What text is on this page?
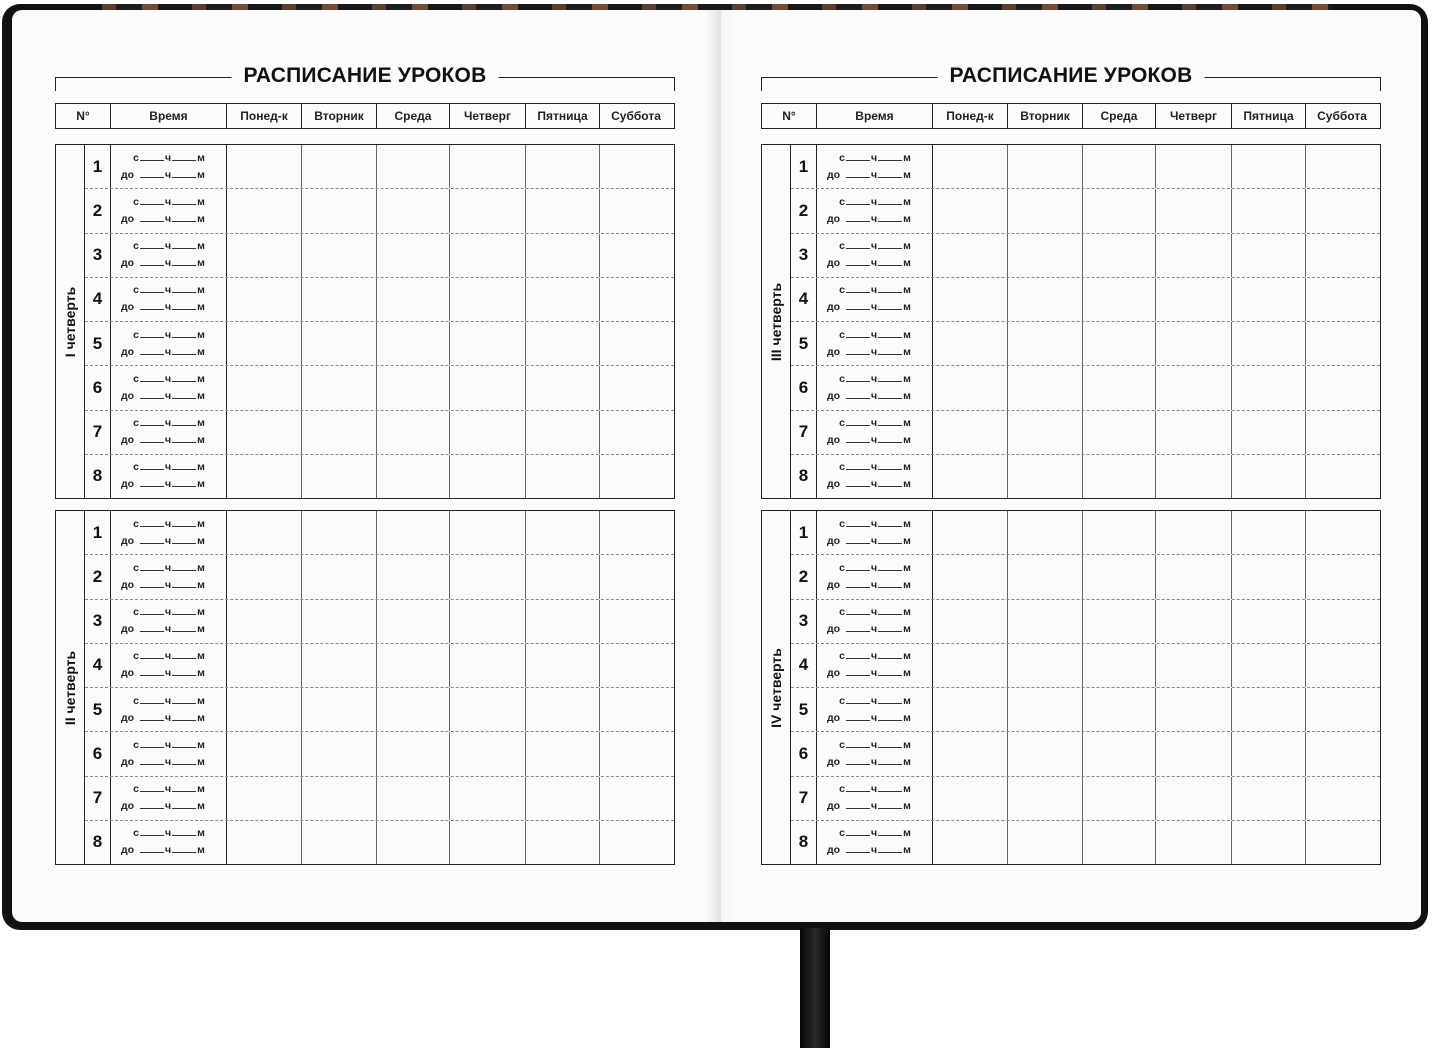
РАСПИСАНИЕ УРОКОВ
N°	Время	Понед-к	Вторник	Среда	Четверг	Пятница	Суббота
I четверть
1	с ч м
до	ч м
2	с ч м
до	ч м
3	с ч м
до	ч м
4	с ч м
до	ч м
5	с ч м
до	ч м
6	с ч м
до	ч м
7	с ч м
до	ч м
8	с ч м
до	ч м
II четверть
1	с ч м
до	ч м
2	с ч м
до	ч м
3	с ч м
до	ч м
4	с ч м
до	ч м
5	с ч м
до	ч м
6	с ч м
до	ч м
7	с ч м
до	ч м
8	с ч м
до	ч м
РАСПИСАНИЕ УРОКОВ
N°	Время	Понед-к	Вторник	Среда	Четверг	Пятница	Суббота
III четверть
1	с ч м
до	ч м
2	с ч м
до	ч м
3	с ч м
до	ч м
4	с ч м
до	ч м
5	с ч м
до	ч м
6	с ч м
до	ч м
7	с ч м
до	ч м
8	с ч м
до	ч м
IV четверть
1	с ч м
до	ч м
2	с ч м
до	ч м
3	с ч м
до	ч м
4	с ч м
до	ч м
5	с ч м
до	ч м
6	с ч м
до	ч м
7	с ч м
до	ч м
8	с ч м
до	ч м
